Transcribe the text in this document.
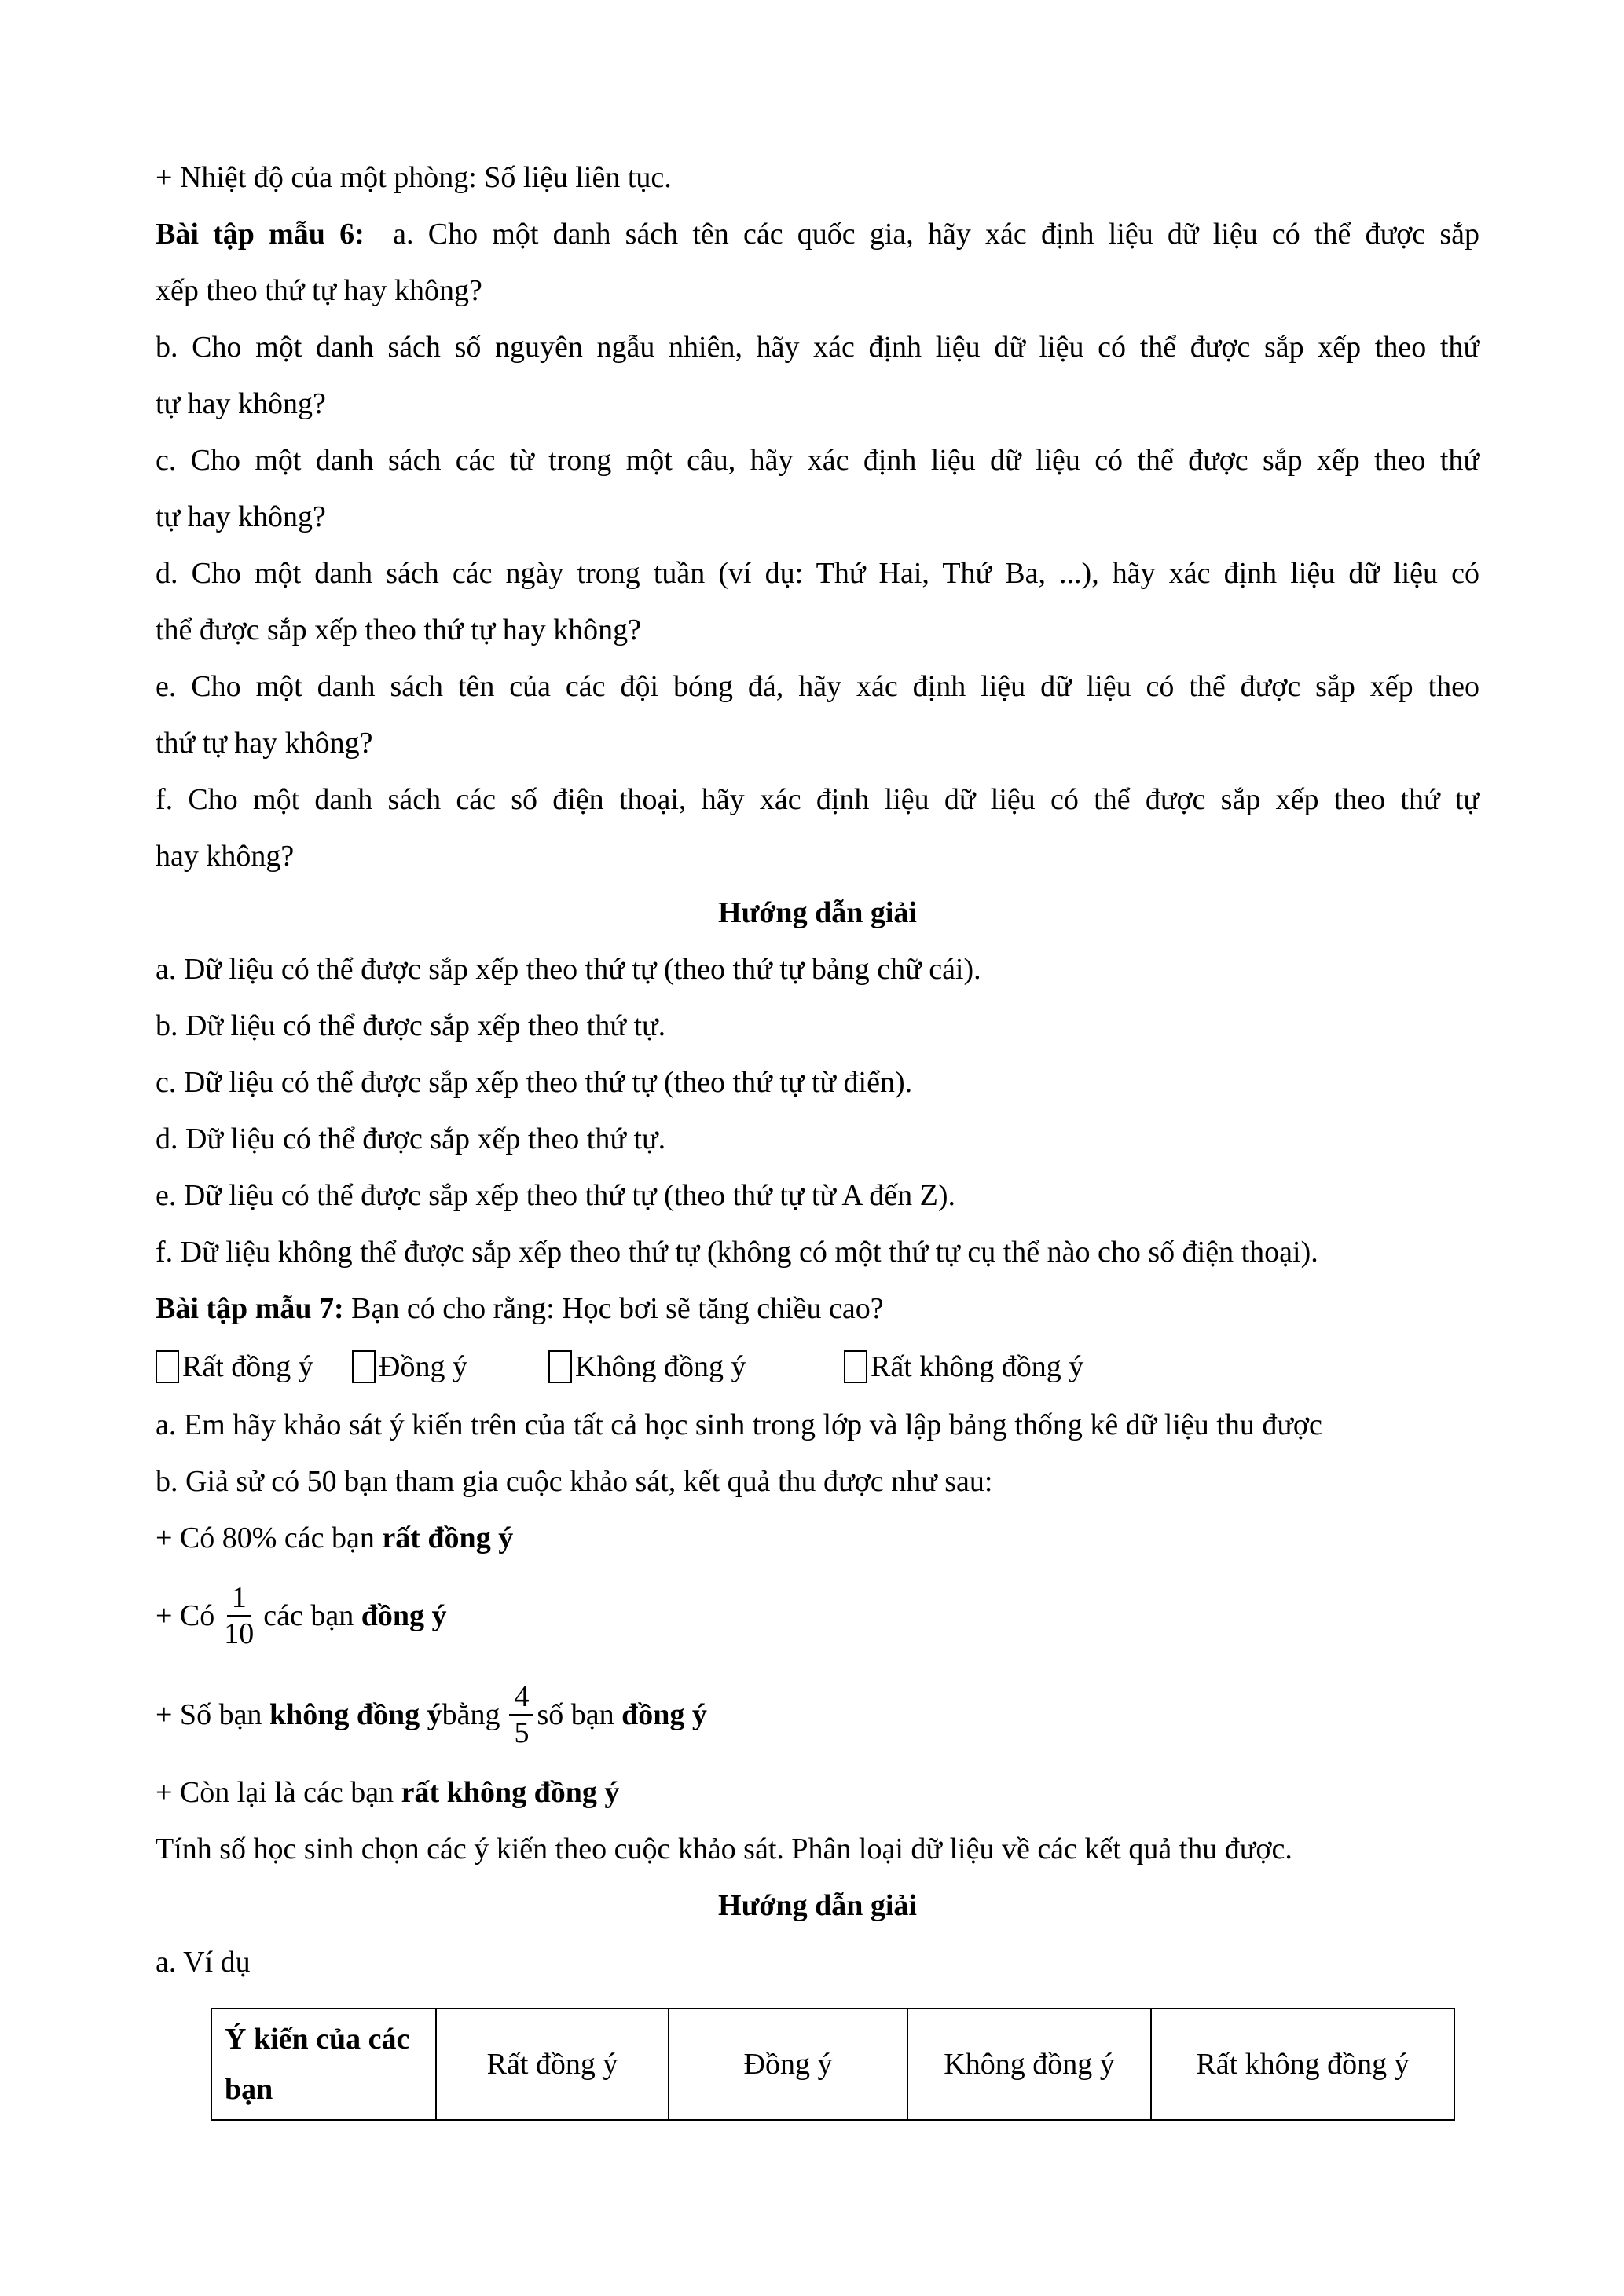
+ Nhiệt độ của một phòng: Số liệu liên tục.
Bài tập mẫu 6: a. Cho một danh sách tên các quốc gia, hãy xác định liệu dữ liệu có thể được sắp
xếp theo thứ tự hay không?
b. Cho một danh sách số nguyên ngẫu nhiên, hãy xác định liệu dữ liệu có thể được sắp xếp theo thứ
tự hay không?
c. Cho một danh sách các từ trong một câu, hãy xác định liệu dữ liệu có thể được sắp xếp theo thứ
tự hay không?
d. Cho một danh sách các ngày trong tuần (ví dụ: Thứ Hai, Thứ Ba, ...), hãy xác định liệu dữ liệu có
thể được sắp xếp theo thứ tự hay không?
e. Cho một danh sách tên của các đội bóng đá, hãy xác định liệu dữ liệu có thể được sắp xếp theo
thứ tự hay không?
f. Cho một danh sách các số điện thoại, hãy xác định liệu dữ liệu có thể được sắp xếp theo thứ tự
hay không?
Hướng dẫn giải
a. Dữ liệu có thể được sắp xếp theo thứ tự (theo thứ tự bảng chữ cái).
b. Dữ liệu có thể được sắp xếp theo thứ tự.
c. Dữ liệu có thể được sắp xếp theo thứ tự (theo thứ tự từ điển).
d. Dữ liệu có thể được sắp xếp theo thứ tự.
e. Dữ liệu có thể được sắp xếp theo thứ tự (theo thứ tự từ A đến Z).
f. Dữ liệu không thể được sắp xếp theo thứ tự (không có một thứ tự cụ thể nào cho số điện thoại).
Bài tập mẫu 7: Bạn có cho rằng: Học bơi sẽ tăng chiều cao?
Rất đồng ý Đồng ý	Không đồng ý	Rất không đồng ý
a. Em hãy khảo sát ý kiến trên của tất cả học sinh trong lớp và lập bảng thống kê dữ liệu thu được
b. Giả sử có 50 bạn tham gia cuộc khảo sát, kết quả thu được như sau:
+ Có 80% các bạn rất đồng ý
+ Có $\frac{1}{10}$ các bạn
đồng ý
+ Số bạn
không đồng ý bằng $\frac{4}{5}$ số bạn
đồng ý
+ Còn lại là các bạn rất không đồng ý
Tính số học sinh chọn các ý kiến theo cuộc khảo sát. Phân loại dữ liệu về các kết quả thu được.
Hướng dẫn giải
a. Ví dụ
Ý kiến của các bạn	Rất đồng ý	Đồng ý	Không đồng ý	Rất không đồng ý
